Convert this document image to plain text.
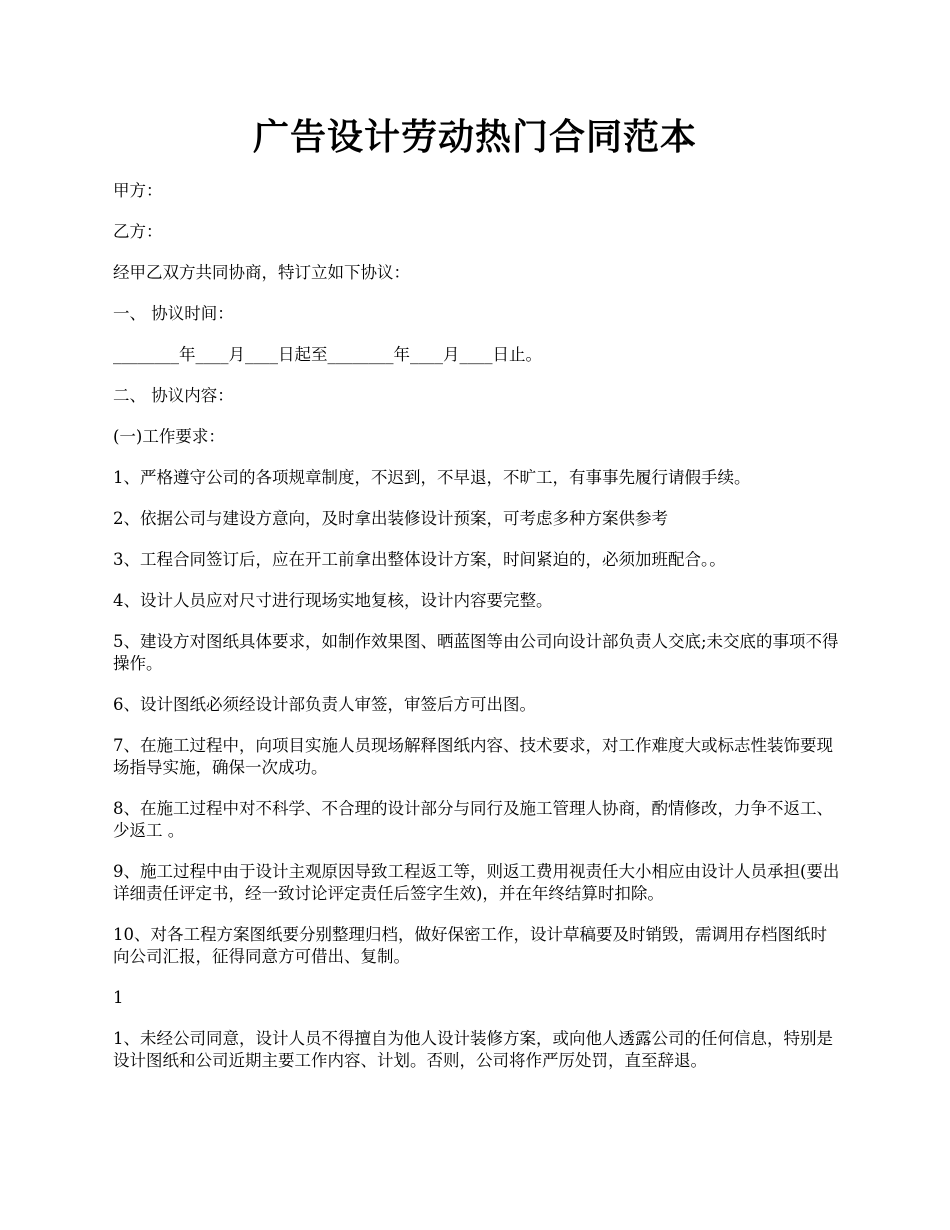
广告设计劳动热门合同范本

甲方：

乙方：

经甲乙双方共同协商，特订立如下协议：

一、 协议时间：

________年____月____日起至________年____月____日止。

二、 协议内容：

(一)工作要求：

1、严格遵守公司的各项规章制度，不迟到，不早退，不旷工，有事事先履行请假手续。

2、依据公司与建设方意向，及时拿出装修设计预案，可考虑多种方案供参考

3、工程合同签订后，应在开工前拿出整体设计方案，时间紧迫的，必须加班配合。。

4、设计人员应对尺寸进行现场实地复核，设计内容要完整。

5、建设方对图纸具体要求，如制作效果图、晒蓝图等由公司向设计部负责人交底;未交底的事项不得操作。

6、设计图纸必须经设计部负责人审签，审签后方可出图。

7、在施工过程中，向项目实施人员现场解释图纸内容、技术要求，对工作难度大或标志性装饰要现场指导实施，确保一次成功。

8、在施工过程中对不科学、不合理的设计部分与同行及施工管理人协商，酌情修改，力争不返工、少返工 。

9、施工过程中由于设计主观原因导致工程返工等，则返工费用视责任大小相应由设计人员承担(要出详细责任评定书，经一致讨论评定责任后签字生效)，并在年终结算时扣除。

10、对各工程方案图纸要分别整理归档，做好保密工作，设计草稿要及时销毁，需调用存档图纸时向公司汇报，征得同意方可借出、复制。

1

1、未经公司同意，设计人员不得擅自为他人设计装修方案，或向他人透露公司的任何信息，特别是设计图纸和公司近期主要工作内容、计划。否则，公司将作严厉处罚，直至辞退。
